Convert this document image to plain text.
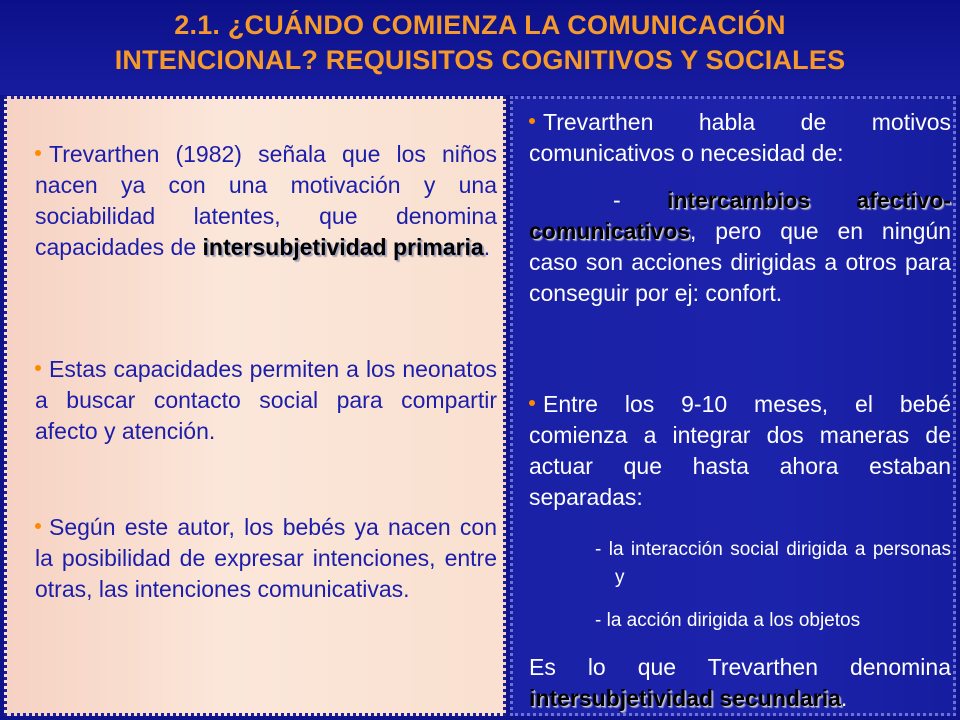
2.1. ¿CUÁNDO COMIENZA LA COMUNICACIÓN
INTENCIONAL? REQUISITOS COGNITIVOS Y SOCIALES
Trevarthen (1982) señala que los niños nacen ya con una motivación y una sociabilidad latentes, que denomina capacidades de intersubjetividad primaria.
Estas capacidades permiten a los neonatos a buscar contacto social para compartir afecto y atención.
Según este autor, los bebés ya nacen con la posibilidad de expresar intenciones, entre otras, las intenciones comunicativas.
Trevarthen habla de motivos comunicativos o necesidad de:
- intercambios afectivo-comunicativos, pero que en ningún caso son acciones dirigidas a otros para conseguir por ej: confort.
Entre los 9-10 meses, el bebé comienza a integrar dos maneras de actuar que hasta ahora estaban separadas:
- la interacción social dirigida a personas y
- la acción dirigida a los objetos
Es lo que Trevarthen denomina intersubjetividad secundaria.
